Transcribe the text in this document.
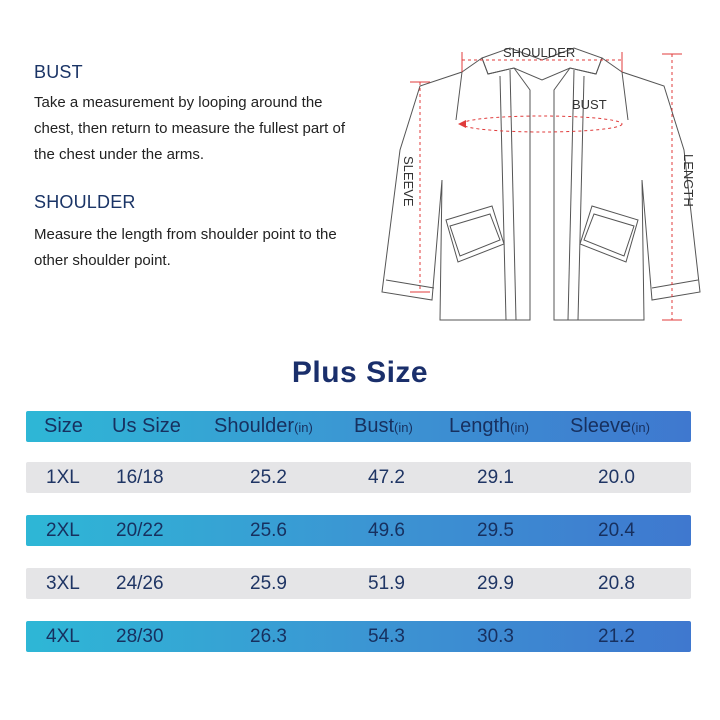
BUST

Take a measurement by looping around the chest, then return to measure the fullest part of the chest under the arms.

SHOULDER

Measure the length from shoulder point to the other shoulder point.

SHOULDER
BUST
SLEEVE	LENGTH
Plus Size
Size Us Size Shoulder(in) Bust(in) Length(in) Sleeve(in)
1XL 16/18	25.2	47.2	29.1	20.0
2XL 20/22	25.6	49.6	29.5	20.4
3XL 24/26	25.9	51.9	29.9	20.8
4XL 28/30	26.3	54.3	30.3	21.2
